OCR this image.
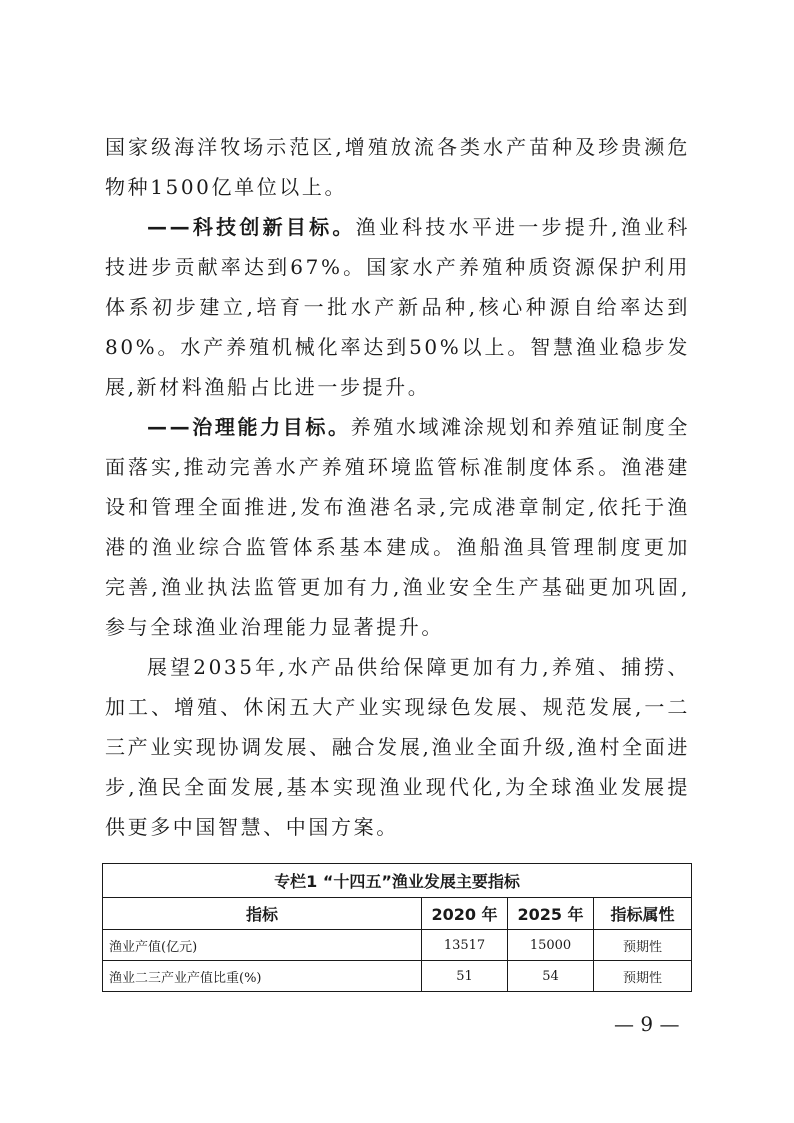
国家级海洋牧场示范区,增殖放流各类水产苗种及珍贵濒危物种1500亿单位以上。

——科技创新目标。渔业科技水平进一步提升,渔业科技进步贡献率达到67%。国家水产养殖种质资源保护利用体系初步建立,培育一批水产新品种,核心种源自给率达到80%。水产养殖机械化率达到50%以上。智慧渔业稳步发展,新材料渔船占比进一步提升。

——治理能力目标。养殖水域滩涂规划和养殖证制度全面落实,推动完善水产养殖环境监管标准制度体系。渔港建设和管理全面推进,发布渔港名录,完成港章制定,依托于渔港的渔业综合监管体系基本建成。渔船渔具管理制度更加完善,渔业执法监管更加有力,渔业安全生产基础更加巩固,参与全球渔业治理能力显著提升。

展望2035年,水产品供给保障更加有力,养殖、捕捞、加工、增殖、休闲五大产业实现绿色发展、规范发展,一二三产业实现协调发展、融合发展,渔业全面升级,渔村全面进步,渔民全面发展,基本实现渔业现代化,为全球渔业发展提供更多中国智慧、中国方案。

专栏1 “十四五”渔业发展主要指标			
指标	2020 年	2025 年	指标属性
渔业产值(亿元)	13517	15000	预期性
渔业二三产业产值比重(%)	51	54	预期性
— 9 —
